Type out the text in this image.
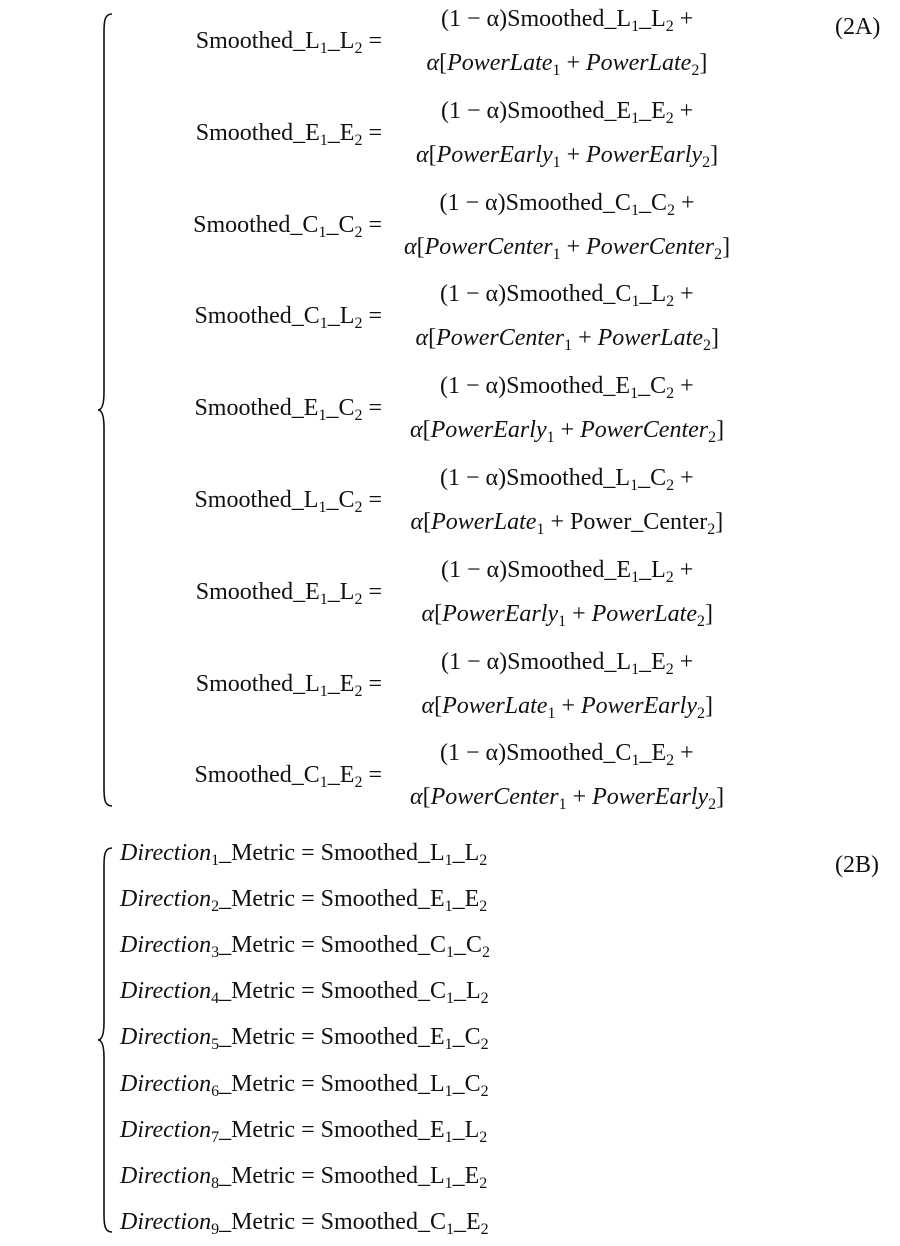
(2A)
(2B)
$Smoothed\_L_1\_L_2$ =
$(1 - \alpha)Smoothed\_L_1\_L_2$ +
α[PowerLate$_1$ + PowerLate$_2$]
$Smoothed\_E_1\_E_2$ =
$(1 - \alpha)Smoothed\_E_1\_E_2$ +
α[PowerEarly$_1$ + PowerEarly$_2$]
$Smoothed\_C_1\_C_2$ =
$(1 - \alpha)Smoothed\_C_1\_C_2$ +
α[PowerCenter$_1$ + PowerCenter$_2$]
$Smoothed\_C_1\_L_2$ =
$(1 - \alpha)Smoothed\_C_1\_L_2$ +
α[PowerCenter$_1$ + PowerLate$_2$]
$Smoothed\_E_1\_C_2$ =
$(1 - \alpha)Smoothed\_E_1\_C_2$ +
α[PowerEarly$_1$ + PowerCenter$_2$]
$Smoothed\_L_1\_C_2$ =
$(1 - \alpha)Smoothed\_L_1\_C_2$ +
α[PowerLate$_1$ + Power_Center$_2$]
$Smoothed\_E_1\_L_2$ =
$(1 - \alpha)Smoothed\_E_1\_L_2$ +
α[PowerEarly$_1$ + PowerLate$_2$]
$Smoothed\_L_1\_E_2$ =
$(1 - \alpha)Smoothed\_L_1\_E_2$ +
α[PowerLate$_1$ + PowerEarly$_2$]
$Smoothed\_C_1\_E_2$ =
$(1 - \alpha)Smoothed\_C_1\_E_2$ +
α[PowerCenter$_1$ + PowerEarly$_2$]
Direction$_1$_Metric = $Smoothed\_L_1\_L_2$
Direction$_2$_Metric = $Smoothed\_E_1\_E_2$
Direction$_3$_Metric = $Smoothed\_C_1\_C_2$
Direction$_4$_Metric = $Smoothed\_C_1\_L_2$
Direction$_5$_Metric = $Smoothed\_E_1\_C_2$
Direction$_6$_Metric = $Smoothed\_L_1\_C_2$
Direction$_7$_Metric = $Smoothed\_E_1\_L_2$
Direction$_8$_Metric = $Smoothed\_L_1\_E_2$
Direction$_9$_Metric = $Smoothed\_C_1\_E_2$
